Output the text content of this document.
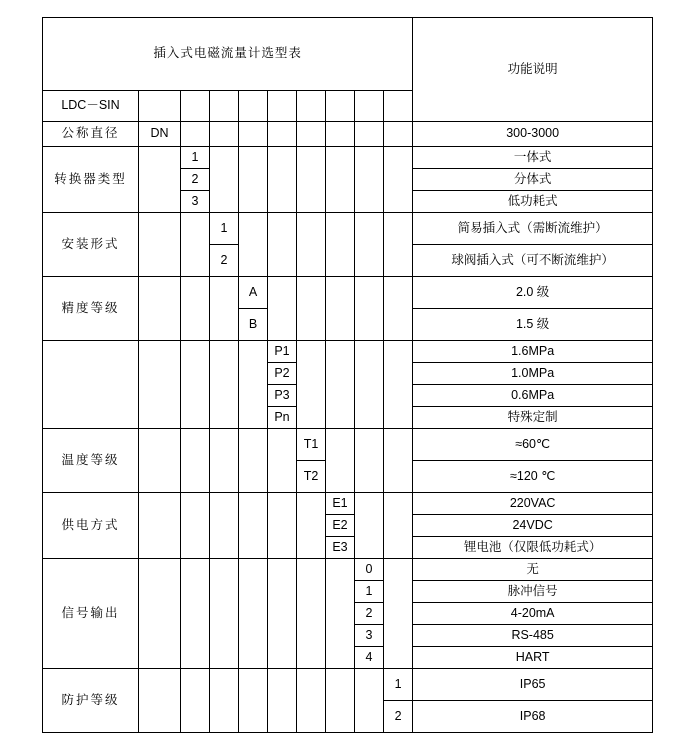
插入式电磁流量计选型表										功能说明
LDC－SIN										
公称直径	DN									300-3000
转换器类型		1								一体式
		2								分体式
		3								低功耗式
安装形式			1							简易插入式（需断流维护）
			2							球阀插入式（可不断流维护）
精度等级				A						2.0 级
				B						1.5 级
					P1					1.6MPa
					P2					1.0MPa
					P3					0.6MPa
					Pn					特殊定制
温度等级						T1				≈60℃
						T2				≈120 ℃
供电方式							E1			220VAC
							E2			24VDC
							E3			锂电池（仅限低功耗式）
信号输出								0		无
								1		脉冲信号
								2		4-20mA
								3		RS-485
								4		HART
防护等级									1	IP65
									2	IP68
